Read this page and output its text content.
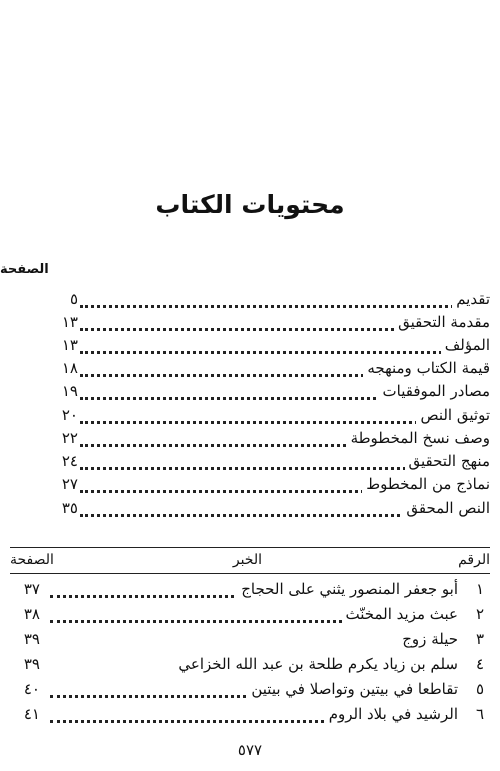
محتويات الكتاب
الصفحة
تقديم
٥
مقدمة التحقيق
١٣
المؤلف
١٣
قيمة الكتاب ومنهجه
١٨
مصادر الموفقيات
١٩
توثيق النص
٢٠
وصف نسخ المخطوطة
٢٢
منهج التحقيق
٢٤
نماذج من المخطوط
٢٧
النص المحقق
٣٥
الرقم
الخبر
الصفحة
١
أبو جعفر المنصور يثني على الحجاج
٣٧
٢
عبث مزيد المخنّث
٣٨
٣
حيلة زوج
٣٩
٤
سلم بن زياد يكرم طلحة بن عبد الله الخزاعي
٣٩
٥
تقاطعا في بيتين وتواصلا في بيتين
٤٠
٦
الرشيد في بلاد الروم
٤١
٥٧٧
